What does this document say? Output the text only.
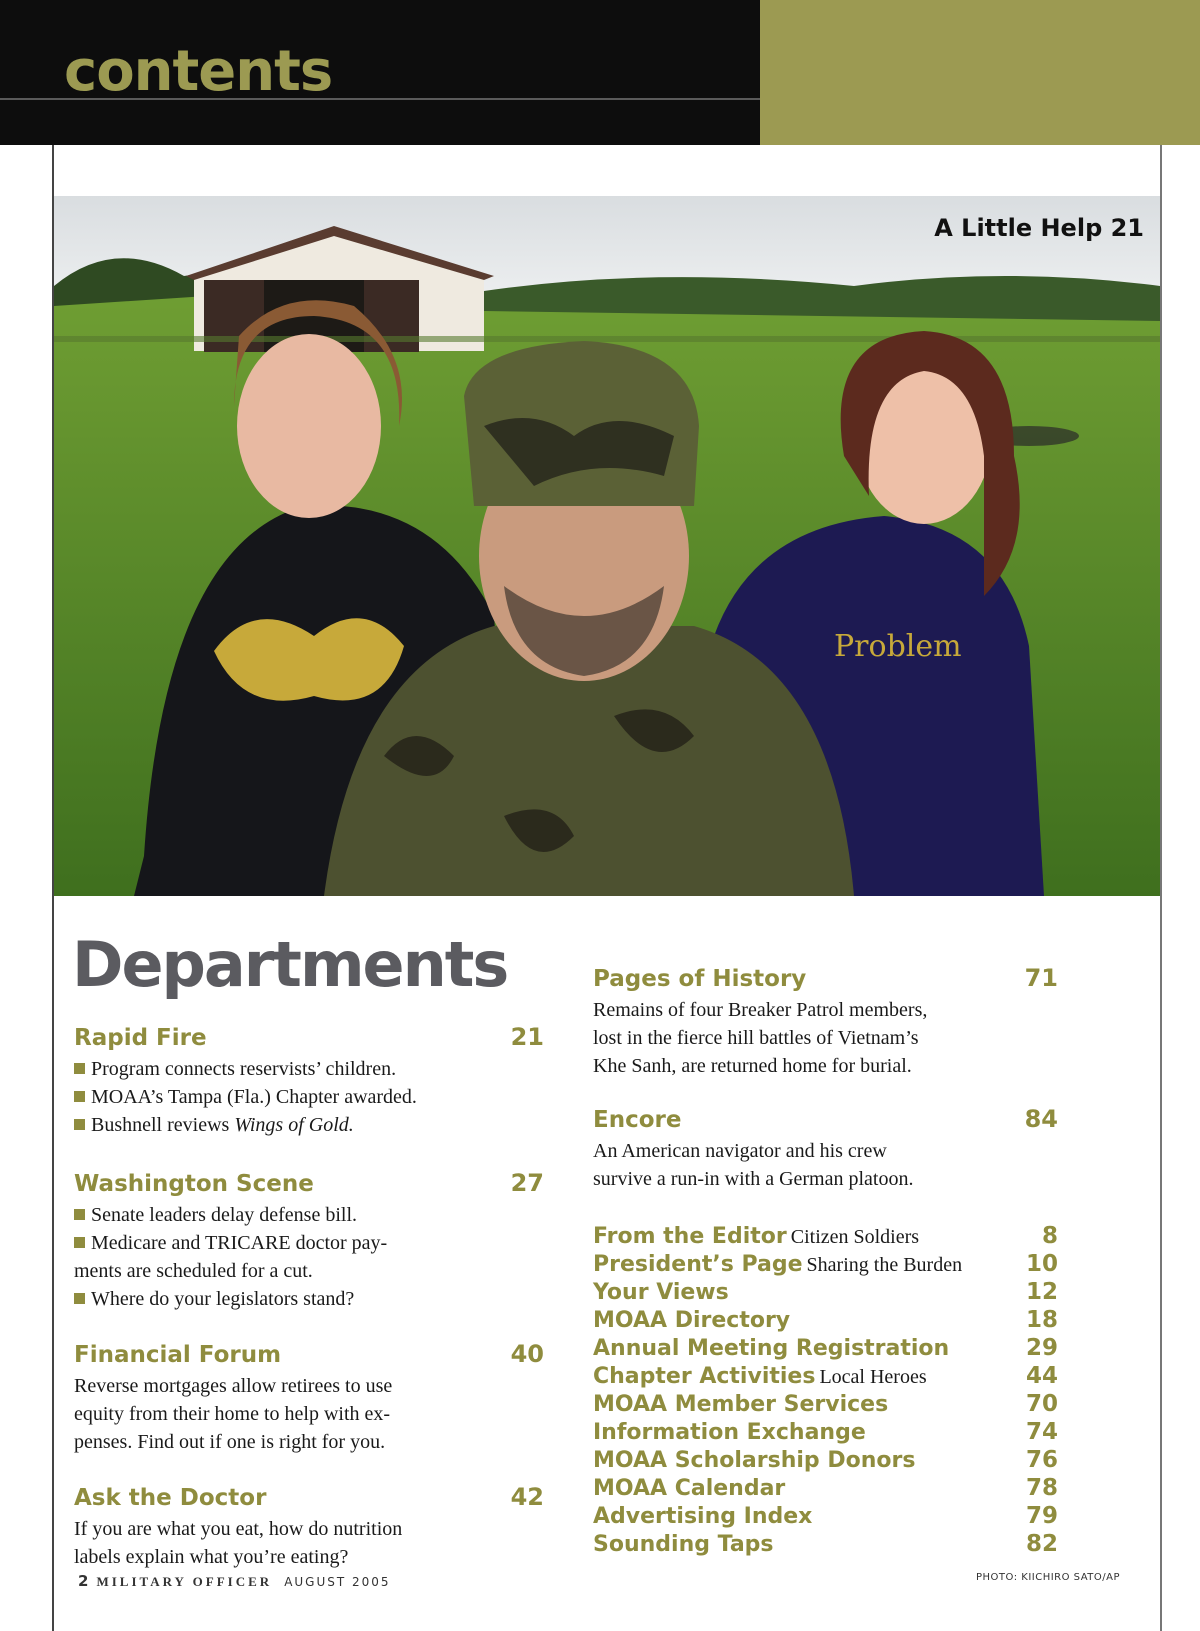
contents
Problem
A Little Help 21
Departments
Rapid Fire	21
Program connects reservists’ children.
MOAA’s Tampa (Fla.) Chapter awarded.
Bushnell reviews Wings of Gold.
Washington Scene	27
Senate leaders delay defense bill.
Medicare and TRICARE doctor pay-
ments are scheduled for a cut.
Where do your legislators stand?
Financial Forum	40

Reverse mortgages allow retirees to use
equity from their home to help with ex-
penses. Find out if one is right for you.

Ask the Doctor	42

If you are what you eat, how do nutrition
labels explain what you’re eating?

Pages of History	71

Remains of four Breaker Patrol members,
lost in the fierce hill battles of Vietnam’s
Khe Sanh, are returned home for burial.

Encore	84

An American navigator and his crew
survive a run-in with a German platoon.

From the Editor Citizen Soldiers	8
President’s Page Sharing the Burden	10
Your Views	12
MOAA Directory	18
Annual Meeting Registration	29
Chapter Activities Local Heroes	44
MOAA Member Services	70
Information Exchange	74
MOAA Scholarship Donors	76
MOAA Calendar	78
Advertising Index	79
Sounding Taps	82
2 MILITARY OFFICER AUGUST 2005	PHOTO: KIICHIRO SATO/AP
